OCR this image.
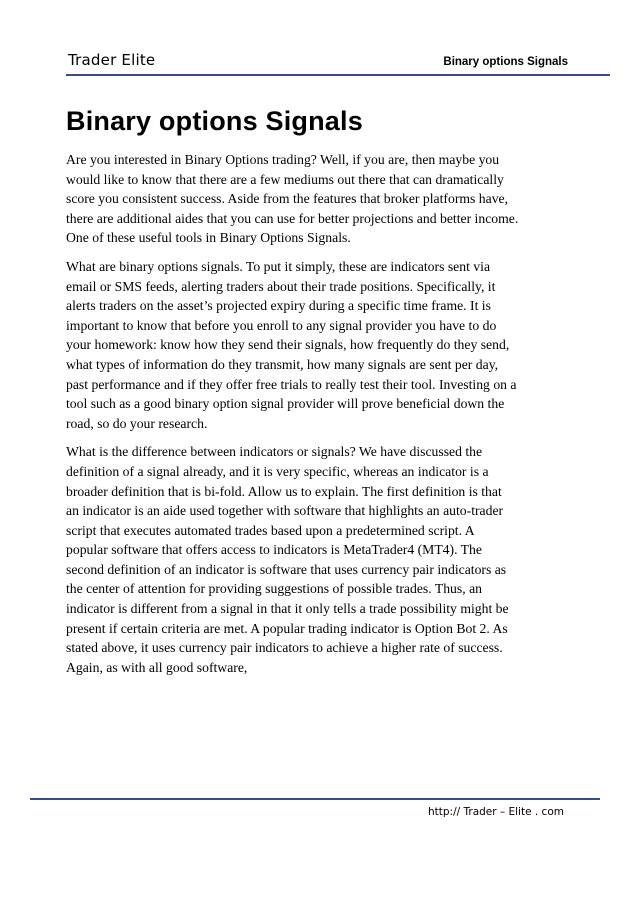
Trader Elite	Binary options Signals
Binary options Signals

Are you interested in Binary Options trading? Well, if you are, then maybe you
would like to know that there are a few mediums out there that can dramatically
score you consistent success. Aside from the features that broker platforms have,
there are additional aides that you can use for better projections and better income.
One of these useful tools in Binary Options Signals.

What are binary options signals. To put it simply, these are indicators sent via
email or SMS feeds, alerting traders about their trade positions. Specifically, it
alerts traders on the asset’s projected expiry during a specific time frame. It is
important to know that before you enroll to any signal provider you have to do
your homework: know how they send their signals, how frequently do they send,
what types of information do they transmit, how many signals are sent per day,
past performance and if they offer free trials to really test their tool. Investing on a
tool such as a good binary option signal provider will prove beneficial down the
road, so do your research.

What is the difference between indicators or signals? We have discussed the
definition of a signal already, and it is very specific, whereas an indicator is a
broader definition that is bi-fold. Allow us to explain. The first definition is that
an indicator is an aide used together with software that highlights an auto-trader
script that executes automated trades based upon a predetermined script. A
popular software that offers access to indicators is MetaTrader4 (MT4). The
second definition of an indicator is software that uses currency pair indicators as
the center of attention for providing suggestions of possible trades. Thus, an
indicator is different from a signal in that it only tells a trade possibility might be
present if certain criteria are met. A popular trading indicator is Option Bot 2. As
stated above, it uses currency pair indicators to achieve a higher rate of success.
Again, as with all good software,

http:// Trader – Elite . com
